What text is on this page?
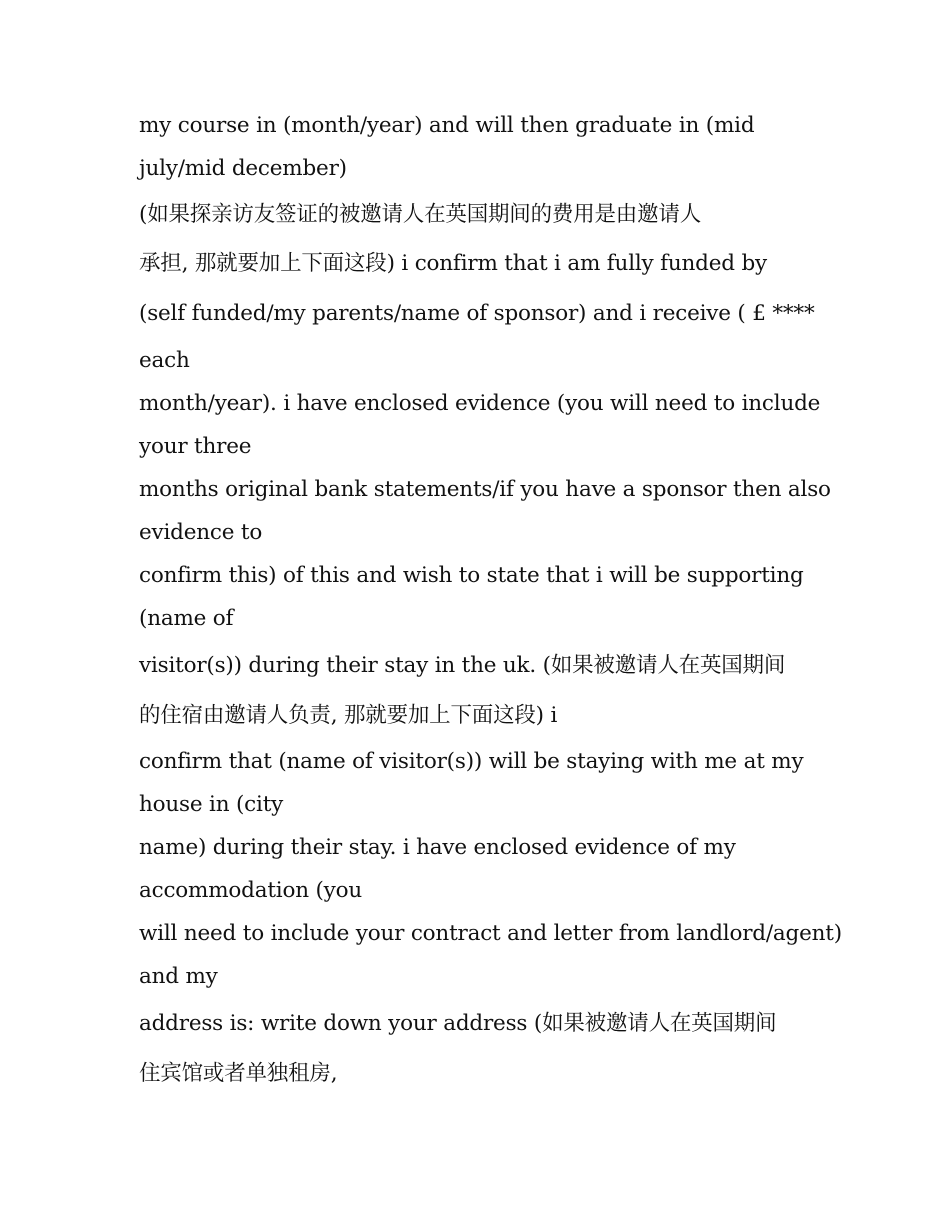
my course in (month/year) and will then graduate in (mid
july/mid december)
(如果探亲访友签证的被邀请人在英国期间的费用是由邀请人
承担, 那就要加上下面这段) i confirm that i am fully funded by
(self funded/my parents/name of sponsor) and i receive ( £ ****
each
month/year). i have enclosed evidence (you will need to include
your three
months original bank statements/if you have a sponsor then also
evidence to
confirm this) of this and wish to state that i will be supporting
(name of
visitor(s)) during their stay in the uk. (如果被邀请人在英国期间
的住宿由邀请人负责, 那就要加上下面这段) i
confirm that (name of visitor(s)) will be staying with me at my
house in (city
name) during their stay. i have enclosed evidence of my
accommodation (you
will need to include your contract and letter from landlord/agent)
and my
address is: write down your address (如果被邀请人在英国期间
住宾馆或者单独租房,
